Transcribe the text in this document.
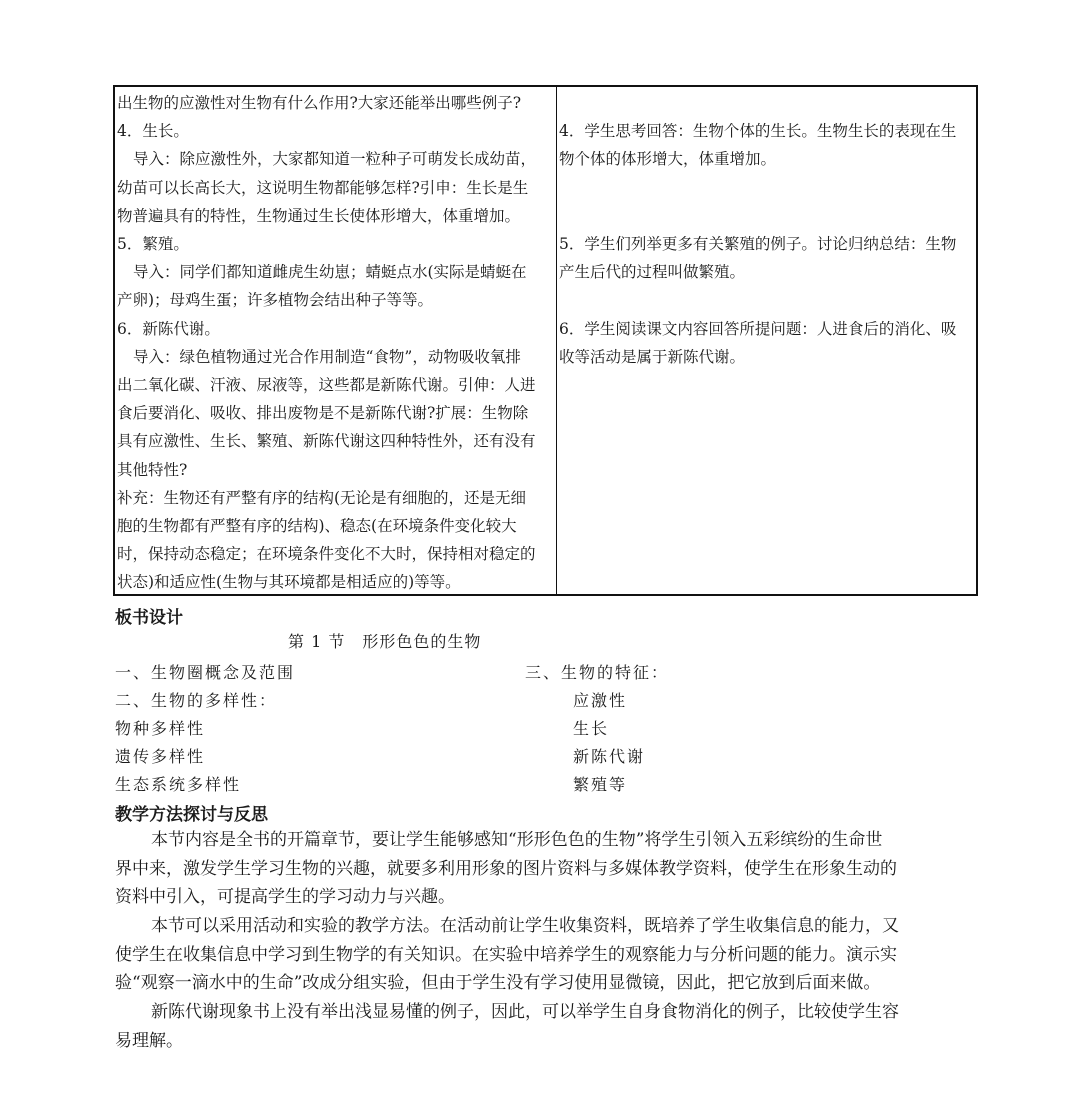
出生物的应激性对生物有什么作用?大家还能举出哪些例子?
4．生长。
导入：除应激性外，大家都知道一粒种子可萌发长成幼苗，
幼苗可以长高长大，这说明生物都能够怎样?引申：生长是生
物普遍具有的特性，生物通过生长使体形增大，体重增加。
5．繁殖。
导入：同学们都知道雌虎生幼崽；蜻蜓点水(实际是蜻蜓在
产卵)；母鸡生蛋；许多植物会结出种子等等。
6．新陈代谢。
导入：绿色植物通过光合作用制造“食物”，动物吸收氧排
出二氧化碳、汗液、尿液等，这些都是新陈代谢。引伸：人进
食后要消化、吸收、排出废物是不是新陈代谢?扩展：生物除
具有应激性、生长、繁殖、新陈代谢这四种特性外，还有没有
其他特性?
补充：生物还有严整有序的结构(无论是有细胞的，还是无细
胞的生物都有严整有序的结构)、稳态(在环境条件变化较大
时，保持动态稳定；在环境条件变化不大时，保持相对稳定的
状态)和适应性(生物与其环境都是相适应的)等等。
4．学生思考回答：生物个体的生长。生物生长的表现在生
物个体的体形增大，体重增加。
5．学生们列举更多有关繁殖的例子。讨论归纳总结：生物
产生后代的过程叫做繁殖。
6．学生阅读课文内容回答所提问题：人进食后的消化、吸
收等活动是属于新陈代谢。
板书设计
第 1 节　形形色色的生物
一、生物圈概念及范围
二、生物的多样性：
物种多样性
遗传多样性
生态系统多样性
三、生物的特征：
应激性
生长
新陈代谢
繁殖等
教学方法探讨与反思
本节内容是全书的开篇章节，要让学生能够感知“形形色色的生物”将学生引领入五彩缤纷的生命世
界中来，激发学生学习生物的兴趣，就要多利用形象的图片资料与多媒体教学资料，使学生在形象生动的
资料中引入，可提高学生的学习动力与兴趣。
本节可以采用活动和实验的教学方法。在活动前让学生收集资料，既培养了学生收集信息的能力，又
使学生在收集信息中学习到生物学的有关知识。在实验中培养学生的观察能力与分析问题的能力。演示实
验“观察一滴水中的生命”改成分组实验，但由于学生没有学习使用显微镜，因此，把它放到后面来做。
新陈代谢现象书上没有举出浅显易懂的例子，因此，可以举学生自身食物消化的例子，比较使学生容
易理解。
